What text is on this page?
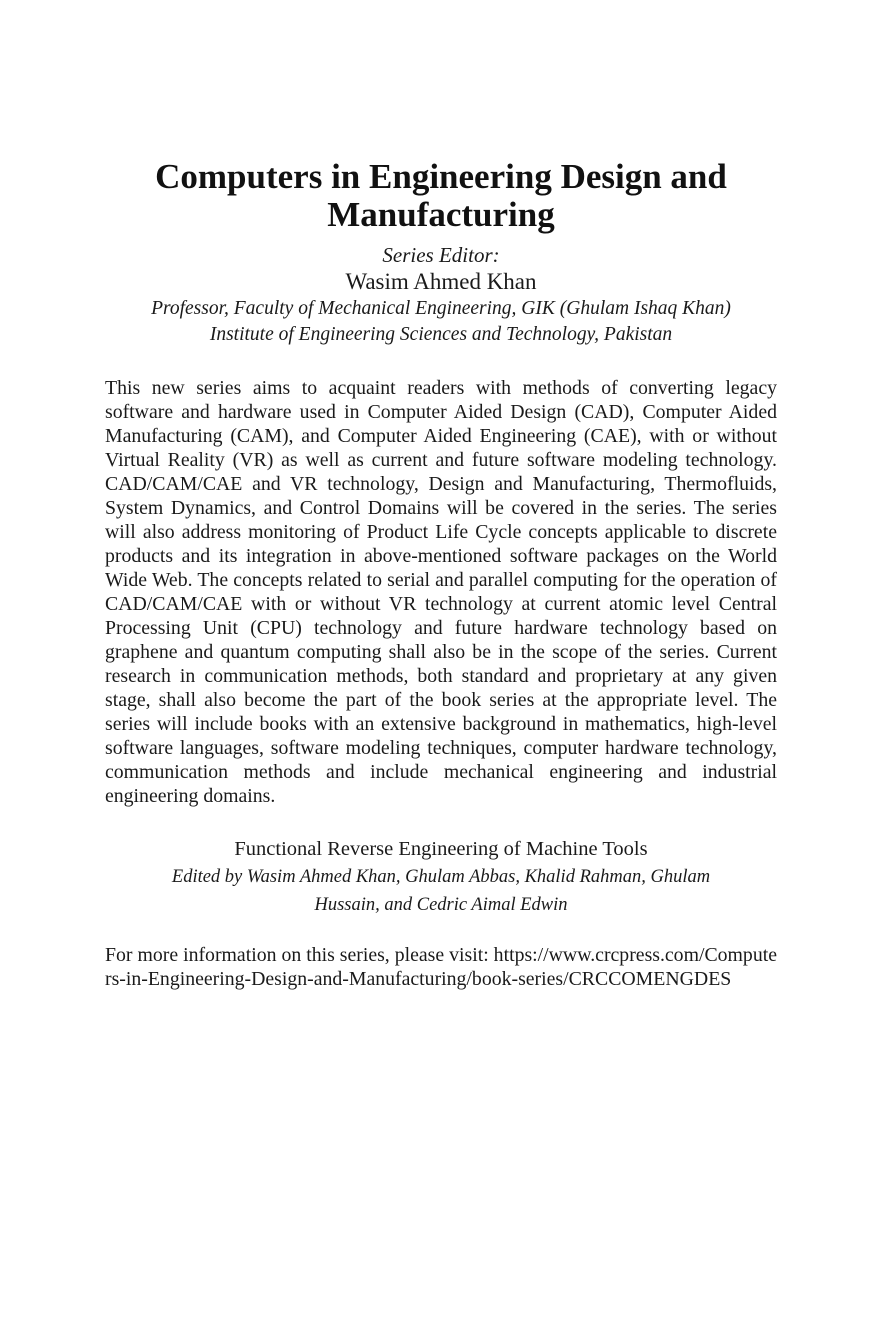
Computers in Engineering Design and Manufacturing
Series Editor:
Wasim Ahmed Khan
Professor, Faculty of Mechanical Engineering, GIK (Ghulam Ishaq Khan)
Institute of Engineering Sciences and Technology, Pakistan

This new series aims to acquaint readers with methods of converting legacy software and hardware used in Computer Aided Design (CAD), Computer Aided Manufacturing (CAM), and Computer Aided Engineering (CAE), with or without Virtual Reality (VR) as well as current and future software modeling technology. CAD/CAM/CAE and VR technology, Design and Manufacturing, Thermofluids, System Dynamics, and Control Domains will be covered in the series. The series will also address monitoring of Product Life Cycle concepts applicable to discrete products and its integration in above-mentioned software packages on the World Wide Web. The concepts related to serial and parallel computing for the operation of CAD/CAM/CAE with or without VR technology at current atomic level Central Processing Unit (CPU) technology and future hardware technology based on graphene and quantum computing shall also be in the scope of the series. Current research in communication methods, both standard and proprietary at any given stage, shall also become the part of the book series at the appropriate level. The series will include books with an extensive background in mathematics, high-level software languages, software modeling techniques, computer hardware technology, communication methods and include mechanical engineering and industrial engineering domains.

Functional Reverse Engineering of Machine Tools
Edited by Wasim Ahmed Khan, Ghulam Abbas, Khalid Rahman, Ghulam Hussain, and Cedric Aimal Edwin

For more information on this series, please visit: https://www.crcpress.com/Computers-in-Engineering-Design-and-Manufacturing/book-series/CRCCOMENGDES
